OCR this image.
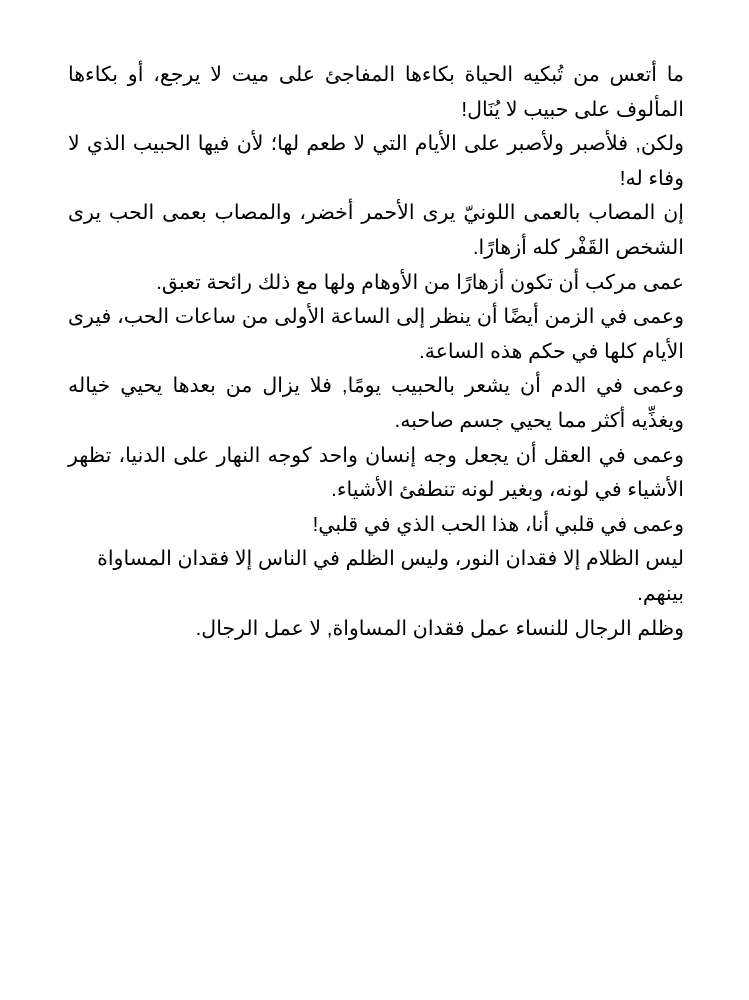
ما أتعس من تُبكيه الحياة بكاءها المفاجئ على ميت لا يرجع، أو بكاءها المألوف على حبيب لا يُنَال!

ولكن, فلأصبر ولأصبر على الأيام التي لا طعم لها؛ لأن فيها الحبيب الذي لا وفاء له!

إن المصاب بالعمى اللونيّ يرى الأحمر أخضر، والمصاب بعمى الحب يرى الشخص القَفْر كله أزهارًا.

عمى مركب أن تكون أزهارًا من الأوهام ولها مع ذلك رائحة تعبق.

وعمى في الزمن أيضًا أن ينظر إلى الساعة الأولى من ساعات الحب، فيرى الأيام كلها في حكم هذه الساعة.

وعمى في الدم أن يشعر بالحبيب يومًا, فلا يزال من بعدها يحيي خياله ويغذِّيه أكثر مما يحيي جسم صاحبه.

وعمى في العقل أن يجعل وجه إنسان واحد كوجه النهار على الدنيا، تظهر الأشياء في لونه، وبغير لونه تنطفئ الأشياء.

وعمى في قلبي أنا، هذا الحب الذي في قلبي!

ليس الظلام إلا فقدان النور، وليس الظلم في الناس إلا فقدان المساواة بينهم.

وظلم الرجال للنساء عمل فقدان المساواة, لا عمل الرجال.
